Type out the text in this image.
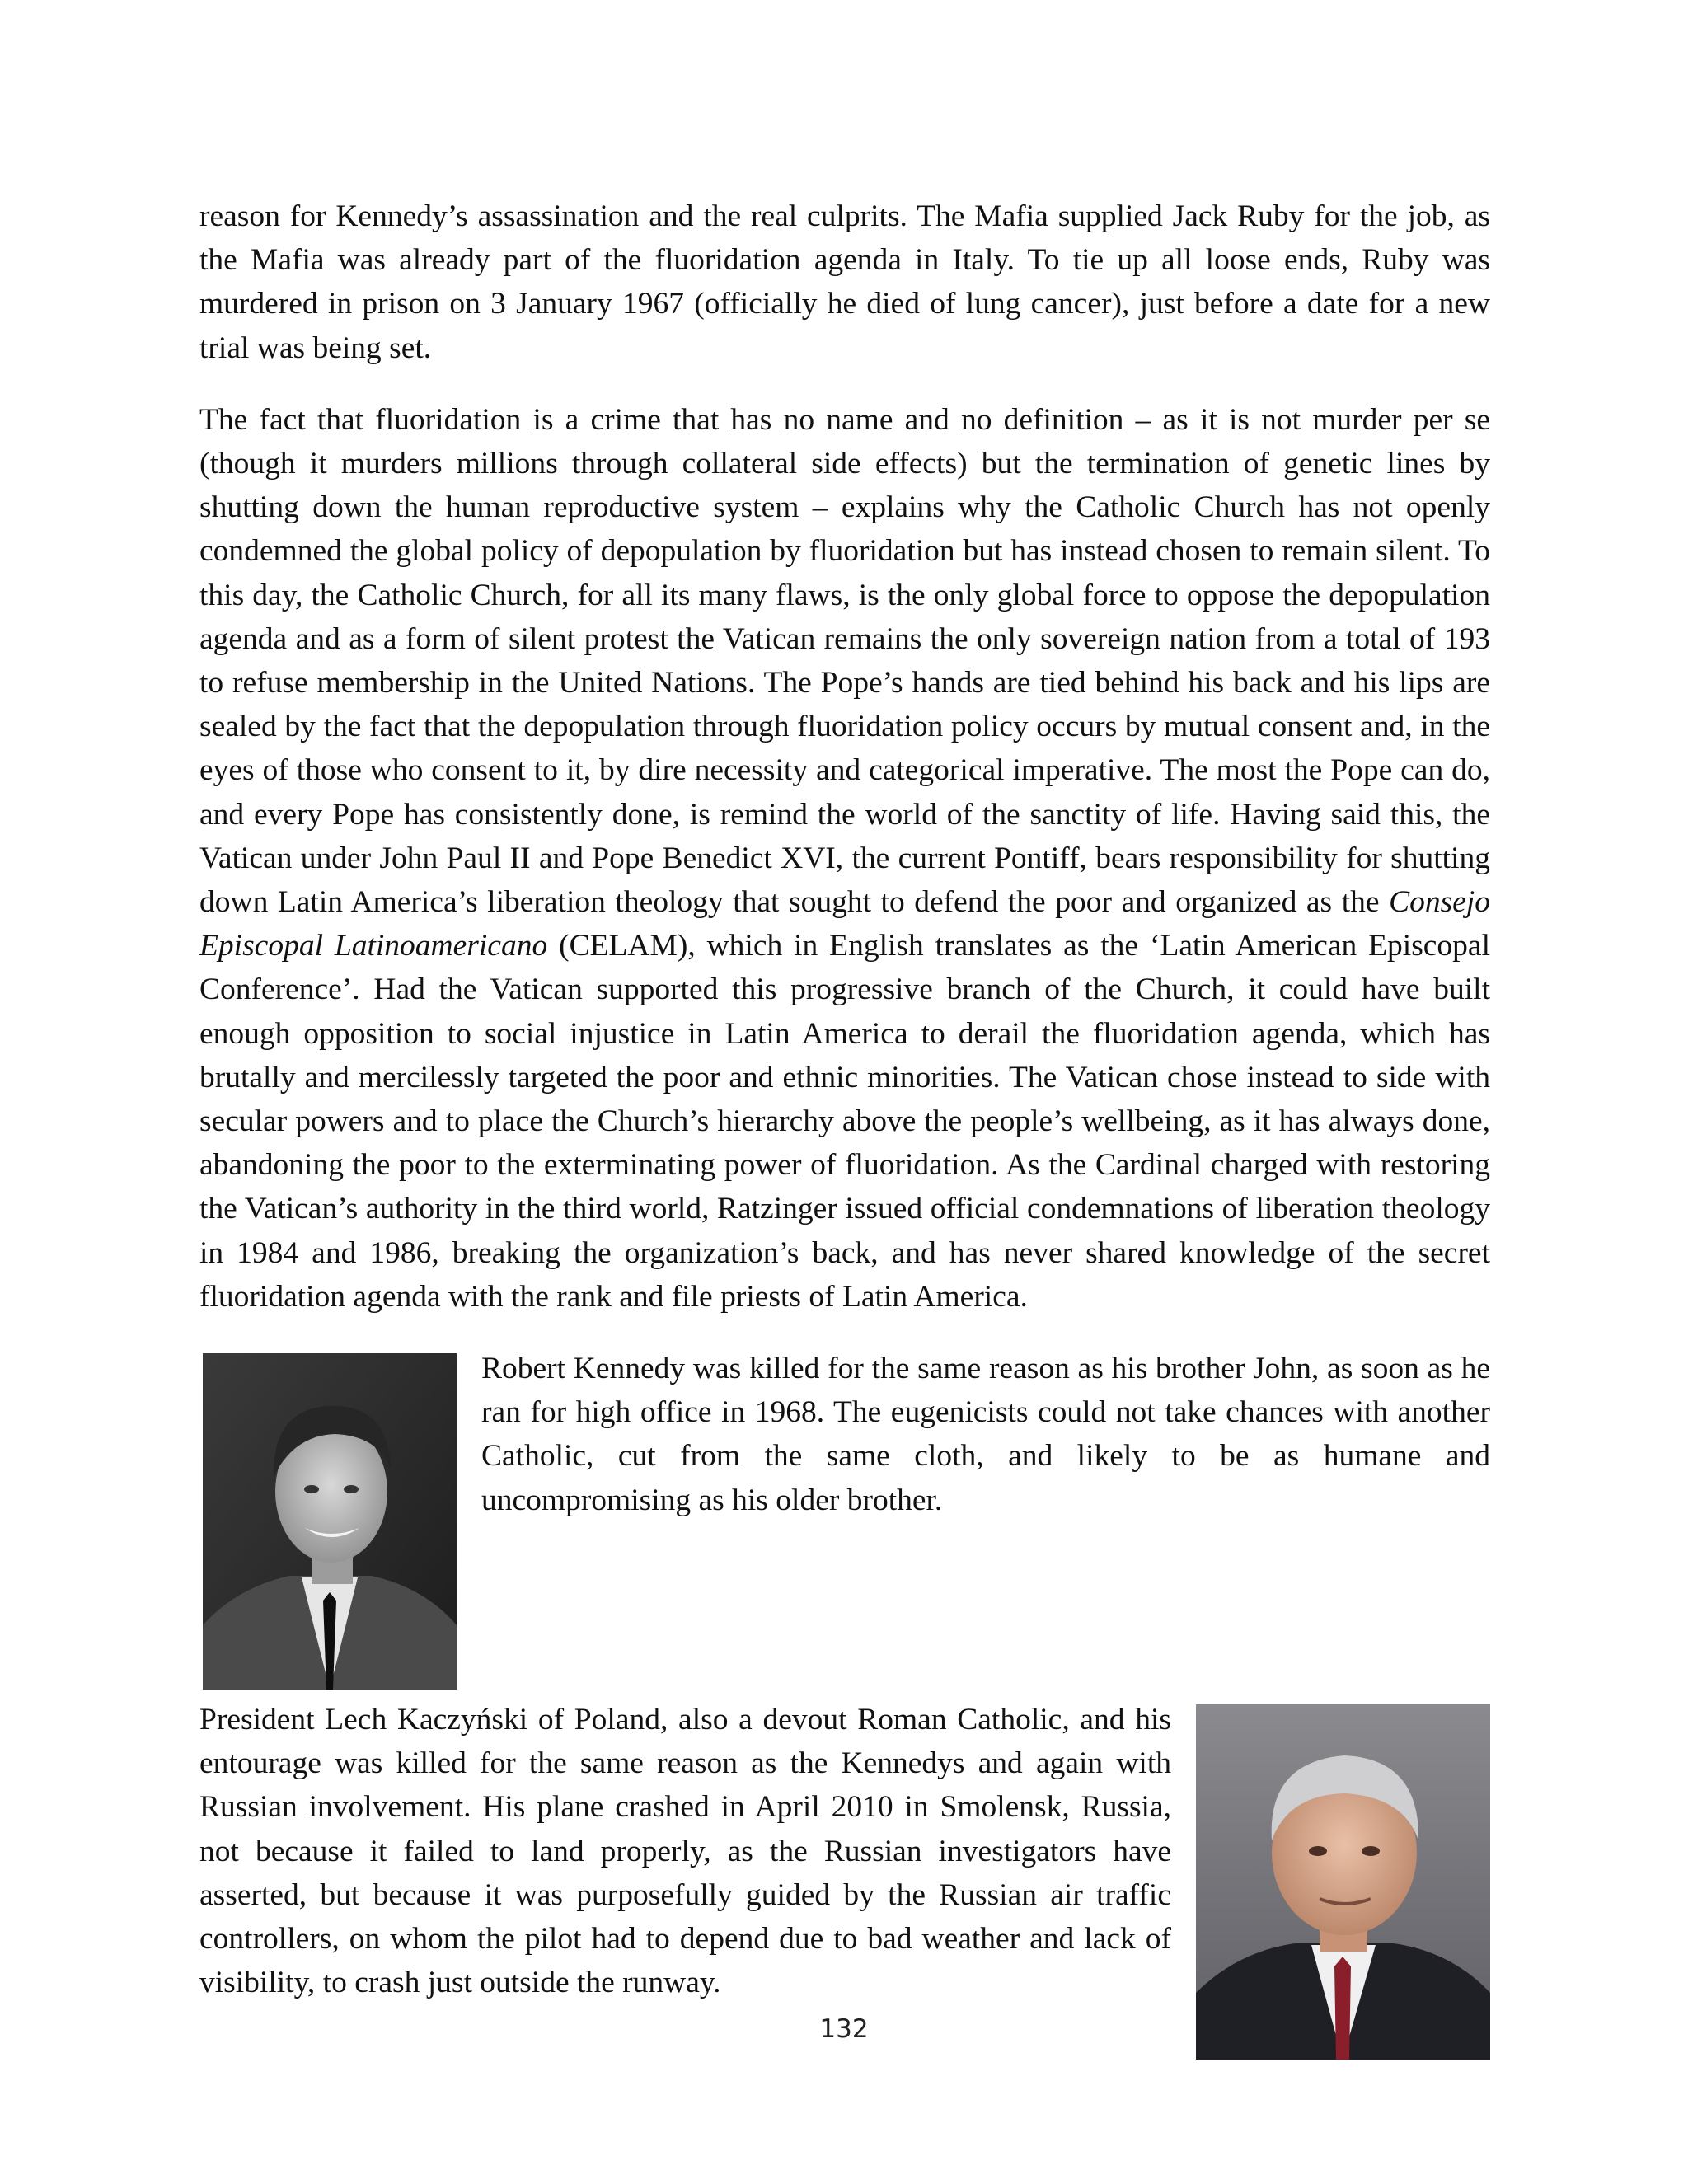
reason for Kennedy’s assassination and the real culprits. The Mafia supplied Jack Ruby for the job, as the Mafia was already part of the fluoridation agenda in Italy. To tie up all loose ends, Ruby was murdered in prison on 3 January 1967 (officially he died of lung cancer), just before a date for a new trial was being set.

The fact that fluoridation is a crime that has no name and no definition – as it is not murder per se (though it murders millions through collateral side effects) but the termination of genetic lines by shutting down the human reproductive system – explains why the Catholic Church has not openly condemned the global policy of depopulation by fluoridation but has instead chosen to remain silent. To this day, the Catholic Church, for all its many flaws, is the only global force to oppose the depopulation agenda and as a form of silent protest the Vatican remains the only sovereign nation from a total of 193 to refuse membership in the United Nations. The Pope’s hands are tied behind his back and his lips are sealed by the fact that the depopulation through fluoridation policy occurs by mutual consent and, in the eyes of those who consent to it, by dire necessity and categorical imperative. The most the Pope can do, and every Pope has consistently done, is remind the world of the sanctity of life. Having said this, the Vatican under John Paul II and Pope Benedict XVI, the current Pontiff, bears responsibility for shutting down Latin America’s liberation theology that sought to defend the poor and organized as the Consejo Episcopal Latinoamericano (CELAM), which in English translates as the ‘Latin American Episcopal Conference’. Had the Vatican supported this progressive branch of the Church, it could have built enough opposition to social injustice in Latin America to derail the fluoridation agenda, which has brutally and mercilessly targeted the poor and ethnic minorities. The Vatican chose instead to side with secular powers and to place the Church’s hierarchy above the people’s wellbeing, as it has always done, abandoning the poor to the exterminating power of fluoridation. As the Cardinal charged with restoring the Vatican’s authority in the third world, Ratzinger issued official condemnations of liberation theology in 1984 and 1986, breaking the organization’s back, and has never shared knowledge of the secret fluoridation agenda with the rank and file priests of Latin America.

Robert Kennedy was killed for the same reason as his brother John, as soon as he ran for high office in 1968. The eugenicists could not take chances with another Catholic, cut from the same cloth, and likely to be as humane and uncompromising as his older brother.

President Lech Kaczyński of Poland, also a devout Roman Catholic, and his entourage was killed for the same reason as the Kennedys and again with Russian involvement. His plane crashed in April 2010 in Smolensk, Russia, not because it failed to land properly, as the Russian investigators have asserted, but because it was purposefully guided by the Russian air traffic controllers, on whom the pilot had to depend due to bad weather and lack of visibility, to crash just outside the runway.

132
